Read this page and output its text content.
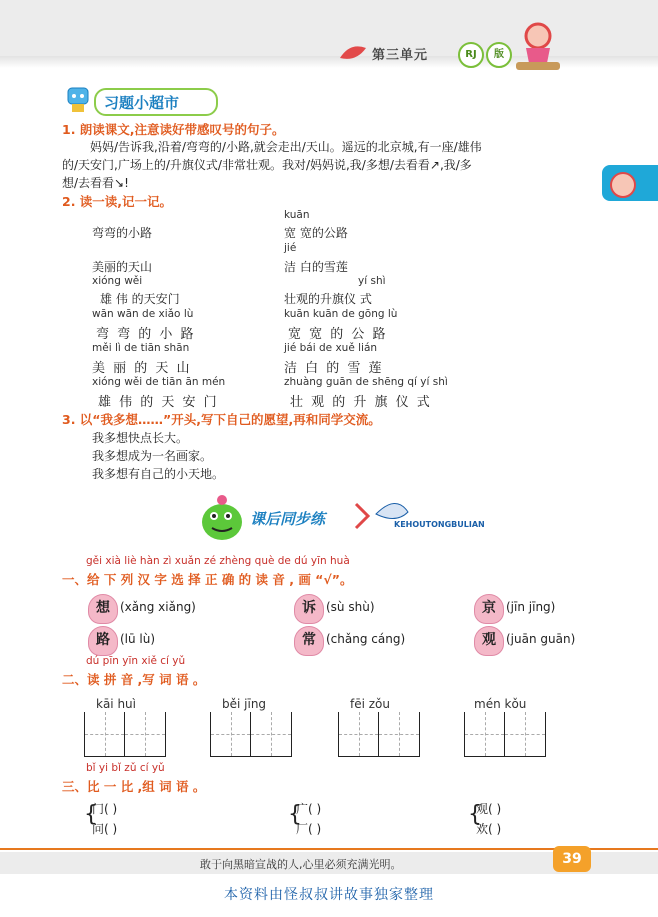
第三单元	RJ	版
习题小超市
1. 朗读课文,注意读好带感叹号的句子。
妈妈/告诉我,沿着/弯弯的/小路,就会走出/天山。遥远的北京城,有一座/雄伟
的/天安门,广场上的/升旗仪式/非常壮观。我对/妈妈说,我/多想/去看看↗,我/多
想/去看看↘!
2. 读一读,记一记。
kuān
弯弯的小路	宽 宽的公路
jié
美丽的天山	洁 白的雪莲
xióng wěi	yí shì
雄 伟 的天安门	壮观的升旗仪 式
wān wān de xiǎo lù	kuān kuān de gōng lù
弯 弯 的 小 路	宽 宽 的 公 路
měi lì de tiān shān	jié bái de xuě lián
美 丽 的 天 山	洁 白 的 雪 莲
xióng wěi de tiān ān mén	zhuàng guān de shēng qí yí shì
雄 伟 的 天 安 门	壮 观 的 升 旗 仪 式
3. 以“我多想……”开头,写下自己的愿望,再和同学交流。
我多想快点长大。
我多想成为一名画家。
我多想有自己的小天地。
课后同步练	KEHOUTONGBULIAN
gěi xià liè hàn zì xuǎn zé zhèng què de dú yīn huà
一、给 下 列 汉 字 选 择 正 确 的 读 音 , 画 “√”。
想 (xǎng xiǎng)	诉 (sù shù)	京 (jīn jīng)
路 (lū lù)	常 (chǎng cáng)	观 (juān guān)
dú pīn yīn xiě cí yǔ
二、读 拼 音 ,写 词 语 。
kāi huì	běi jīng	fēi zǒu	mén kǒu
bǐ yi bǐ zǔ cí yǔ
三、比 一 比 ,组 词 语 。
{
门( )
问( )
{
广( )
厂( )
{
观( )
欢( )
敢于向黑暗宣战的人,心里必须充满光明。	39
本资料由怪叔叔讲故事独家整理
